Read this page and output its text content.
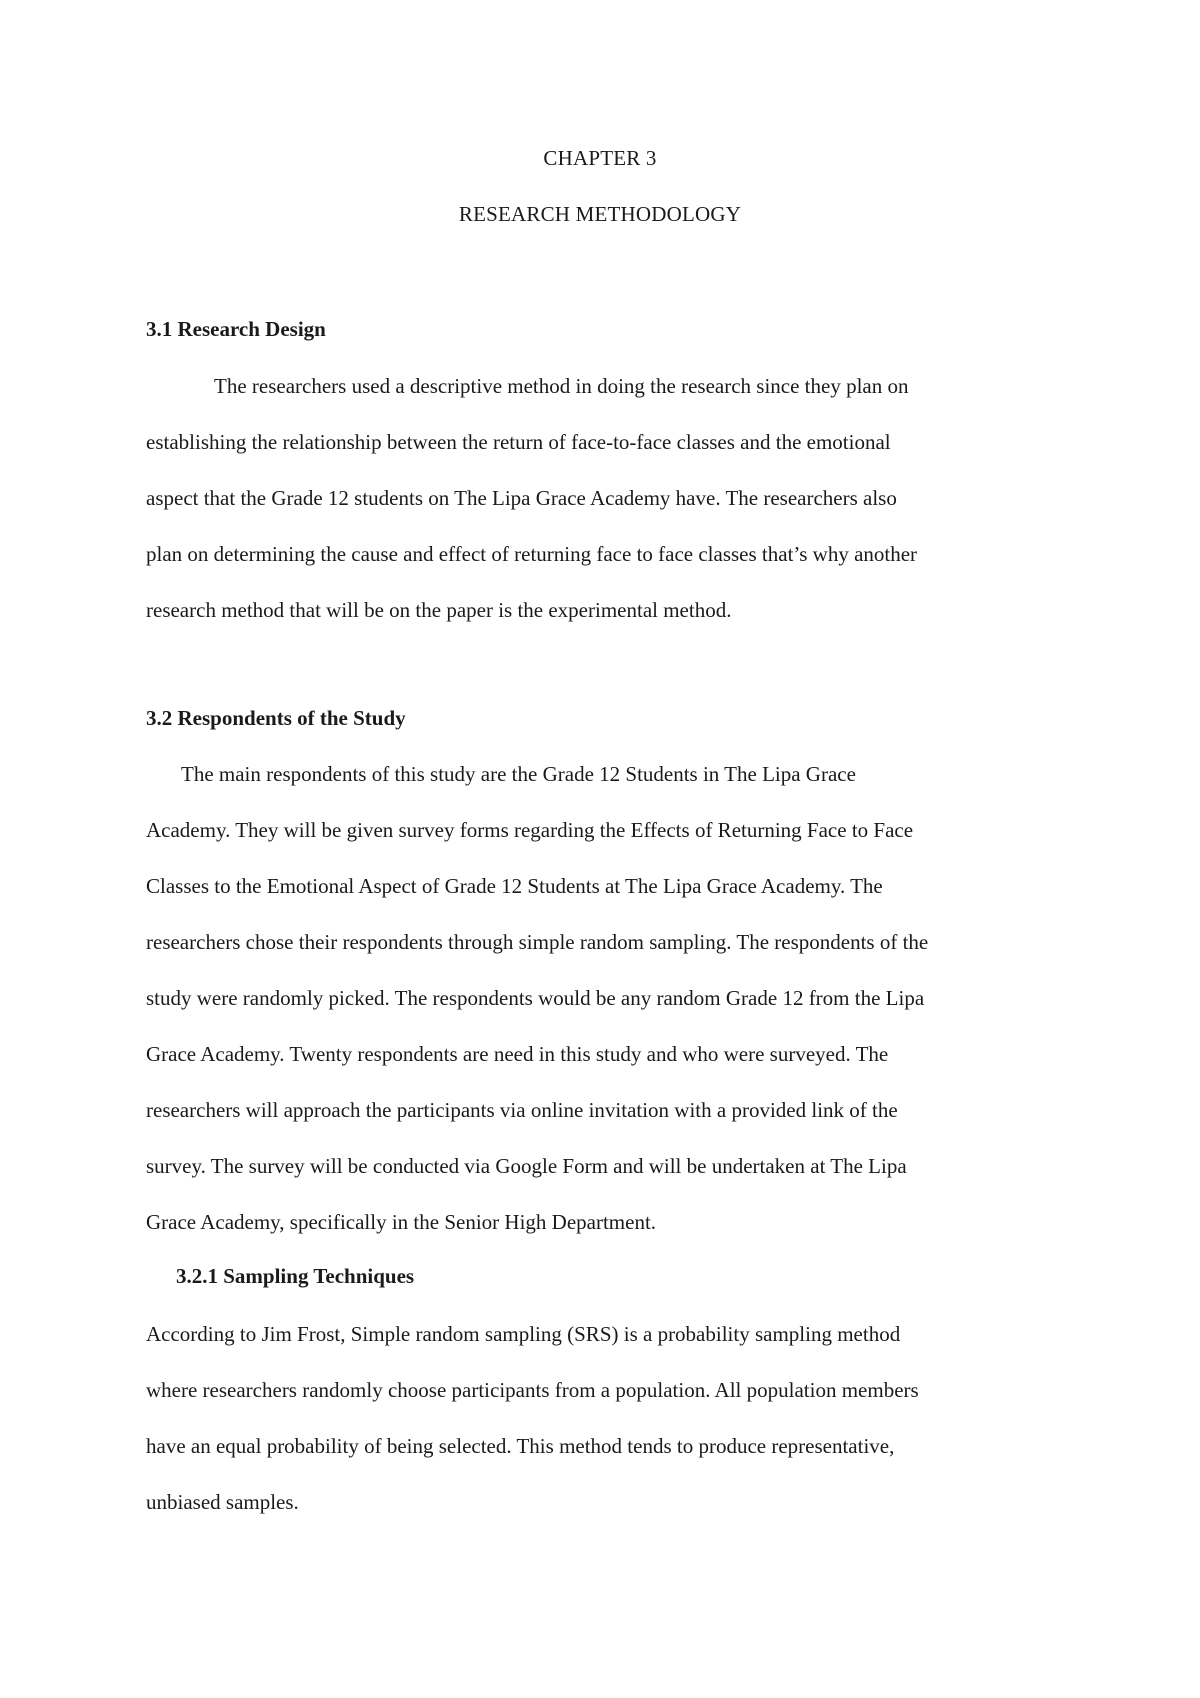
CHAPTER 3
RESEARCH METHODOLOGY
3.1 Research Design

The researchers used a descriptive method in doing the research since they plan on
establishing the relationship between the return of face-to-face classes and the emotional
aspect that the Grade 12 students on The Lipa Grace Academy have. The researchers also
plan on determining the cause and effect of returning face to face classes that’s why another
research method that will be on the paper is the experimental method.

3.2 Respondents of the Study

The main respondents of this study are the Grade 12 Students in The Lipa Grace
Academy. They will be given survey forms regarding the Effects of Returning Face to Face
Classes to the Emotional Aspect of Grade 12 Students at The Lipa Grace Academy. The
researchers chose their respondents through simple random sampling. The respondents of the
study were randomly picked. The respondents would be any random Grade 12 from the Lipa
Grace Academy. Twenty respondents are need in this study and who were surveyed. The
researchers will approach the participants via online invitation with a provided link of the
survey. The survey will be conducted via Google Form and will be undertaken at The Lipa
Grace Academy, specifically in the Senior High Department.

3.2.1 Sampling Techniques

According to Jim Frost, Simple random sampling (SRS) is a probability sampling method
where researchers randomly choose participants from a population. All population members
have an equal probability of being selected. This method tends to produce representative,
unbiased samples.
